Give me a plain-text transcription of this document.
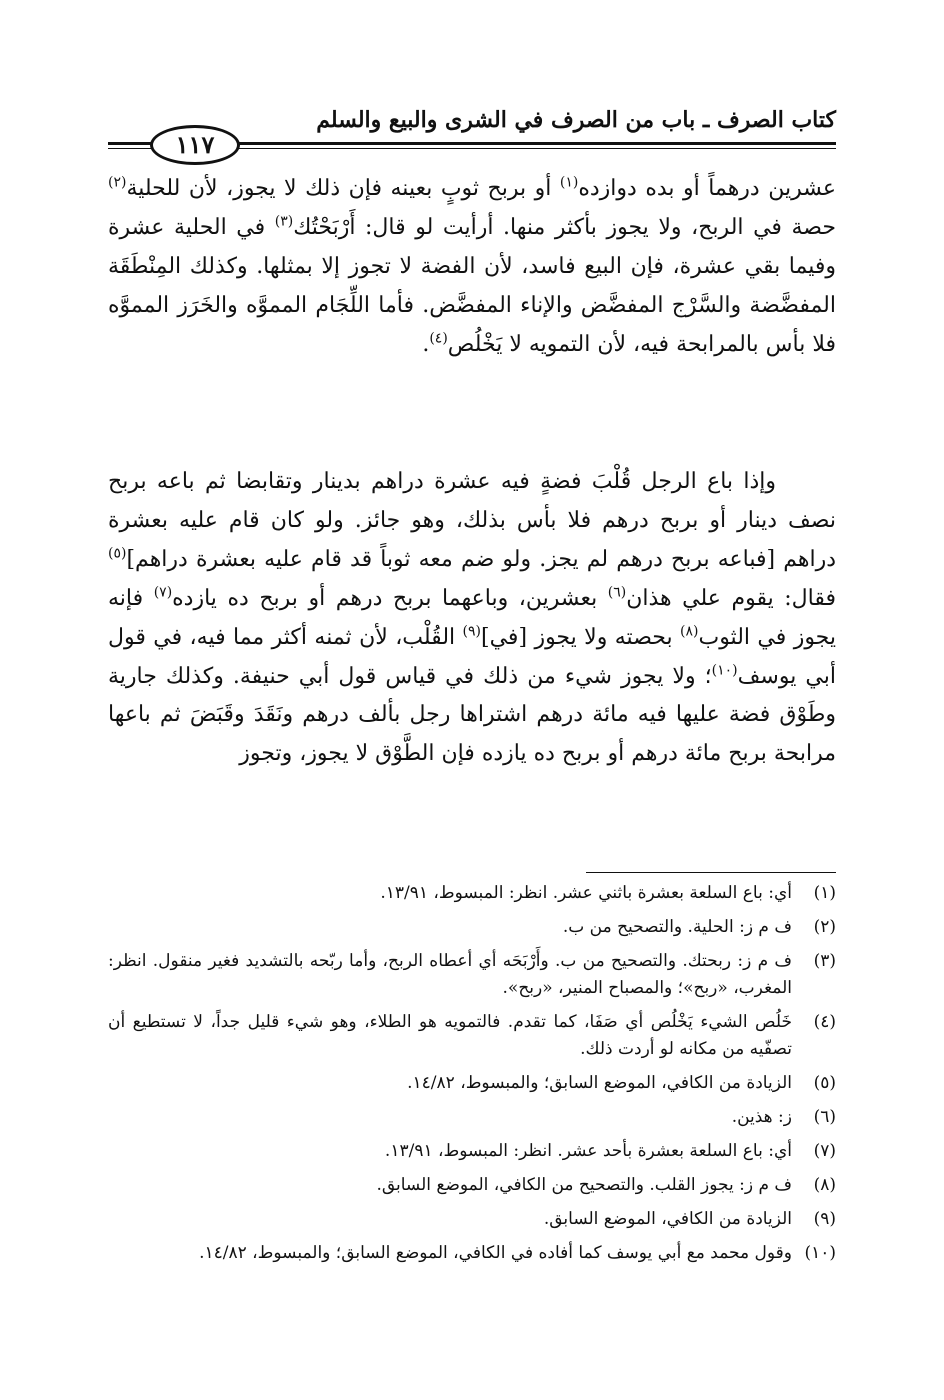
كتاب الصرف ـ باب من الصرف في الشرى والبيع والسلم
١١٧

عشرين درهماً أو بده دوازده$^{(١)}$ أو بربح ثوبٍ بعينه فإن ذلك لا يجوز، لأن للحلية$^{(٢)}$ حصة في الربح، ولا يجوز بأكثر منها. أرأيت لو قال: أَرْبَحْتُك$^{(٣)}$ في الحلية عشرة وفيما بقي عشرة، فإن البيع فاسد، لأن الفضة لا تجوز إلا بمثلها. وكذلك المِنْطَقَة المفضَّضة والسَّرْج المفضَّض والإناء المفضَّض. فأما اللِّجَام المموَّه والخَرَز المموَّه فلا بأس بالمرابحة فيه، لأن التمويه لا يَخْلُص$^{(٤)}$.

وإذا باع الرجل قُلْبَ فضةٍ فيه عشرة دراهم بدينار وتقابضا ثم باعه بربح نصف دينار أو بربح درهم فلا بأس بذلك، وهو جائز. ولو كان قام عليه بعشرة دراهم [فباعه بربح درهم لم يجز. ولو ضم معه ثوباً قد قام عليه بعشرة دراهم]$^{(٥)}$ فقال: يقوم علي هذان$^{(٦)}$ بعشرين، وباعهما بربح درهم أو بربح ده يازده$^{(٧)}$ فإنه يجوز في الثوب$^{(٨)}$ بحصته ولا يجوز [في]$^{(٩)}$ القُلْب، لأن ثمنه أكثر مما فيه، في قول أبي يوسف$^{(١٠)}$؛ ولا يجوز شيء من ذلك في قياس قول أبي حنيفة. وكذلك جارية وطَوْق فضة عليها فيه مائة درهم اشتراها رجل بألف درهم ونَقَدَ وقَبَضَ ثم باعها مرابحة بربح مائة درهم أو بربح ده يازده فإن الطَّوْق لا يجوز، وتجوز

(١)
أي: باع السلعة بعشرة باثني عشر. انظر: المبسوط، ١٣/٩١.
(٢)
ف م ز: الحلية. والتصحيح من ب.
(٣)
ف م ز: ربحتك. والتصحيح من ب. وأَرْبَحَه أي أعطاه الربح، وأما ربّحه بالتشديد فغير منقول. انظر: المغرب، «ربح»؛ والمصباح المنير، «ربح».
(٤)
خَلُص الشيء يَخْلُص أي صَفَا، كما تقدم. فالتمويه هو الطلاء، وهو شيء قليل جداً، لا تستطيع أن تصفّيه من مكانه لو أردت ذلك.
(٥)
الزيادة من الكافي، الموضع السابق؛ والمبسوط، ١٤/٨٢.
(٦)
ز: هذين.
(٧)
أي: باع السلعة بعشرة بأحد عشر. انظر: المبسوط، ١٣/٩١.
(٨)
ف م ز: يجوز القلب. والتصحيح من الكافي، الموضع السابق.
(٩)
الزيادة من الكافي، الموضع السابق.
(١٠)
وقول محمد مع أبي يوسف كما أفاده في الكافي، الموضع السابق؛ والمبسوط، ١٤/٨٢.
